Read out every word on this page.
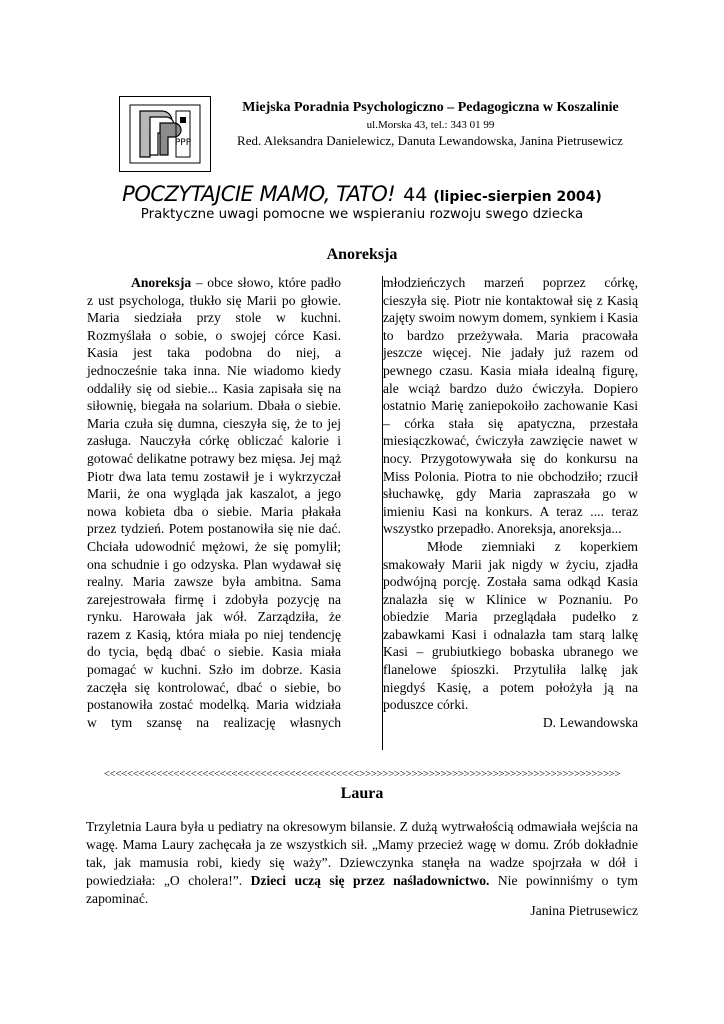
PPP
Miejska Poradnia Psychologiczno – Pedagogiczna w Koszalinie
ul.Morska 43, tel.: 343 01 99
Red. Aleksandra Danielewicz, Danuta Lewandowska, Janina Pietrusewicz
POCZYTAJCIE MAMO, TATO! 44 (lipiec-sierpien 2004)
Praktyczne uwagi pomocne we wspieraniu rozwoju swego dziecka
Anoreksja

Anoreksja – obce słowo, które padło z ust psychologa, tłukło się Marii po głowie. Maria siedziała przy stole w kuchni. Rozmyślała o sobie, o swojej córce Kasi. Kasia jest taka podobna do niej, a jednocześnie taka inna. Nie wiadomo kiedy oddaliły się od siebie... Kasia zapisała się na siłownię, biegała na solarium. Dbała o siebie. Maria czuła się dumna, cieszyła się, że to jej zasługa. Nauczyła córkę obliczać kalorie i gotować delikatne potrawy bez mięsa. Jej mąż Piotr dwa lata temu zostawił je i wykrzyczał Marii, że ona wygląda jak kaszalot, a jego nowa kobieta dba o siebie. Maria płakała przez tydzień. Potem postanowiła się nie dać. Chciała udowodnić mężowi, że się pomylił; ona schudnie i go odzyska. Plan wydawał się realny. Maria zawsze była ambitna. Sama zarejestrowała firmę i zdobyła pozycję na rynku. Harowała jak wół. Zarządziła, że razem z Kasią, która miała po niej tendencję do tycia, będą dbać o siebie. Kasia miała pomagać w kuchni. Szło im dobrze. Kasia zaczęła się kontrolować, dbać o siebie, bo postanowiła zostać modelką. Maria widziała w tym szansę na realizację własnych

młodzieńczych marzeń poprzez córkę, cieszyła się. Piotr nie kontaktował się z Kasią zajęty swoim nowym domem, synkiem i Kasia to bardzo przeżywała. Maria pracowała jeszcze więcej. Nie jadały już razem od pewnego czasu. Kasia miała idealną figurę, ale wciąż bardzo dużo ćwiczyła. Dopiero ostatnio Marię zaniepokoiło zachowanie Kasi – córka stała się apatyczna, przestała miesiączkować, ćwiczyła zawzięcie nawet w nocy. Przygotowywała się do konkursu na Miss Polonia. Piotra to nie obchodziło; rzucił słuchawkę, gdy Maria zapraszała go w imieniu Kasi na konkurs. A teraz .... teraz wszystko przepadło. Anoreksja, anoreksja...

Młode ziemniaki z koperkiem smakowały Marii jak nigdy w życiu, zjadła podwójną porcję. Została sama odkąd Kasia znalazła się w Klinice w Poznaniu. Po obiedzie Maria przeglądała pudełko z zabawkami Kasi i odnalazła tam starą lalkę Kasi – grubiutkiego bobaska ubranego we flanelowe śpioszki. Przytuliła lalkę jak niegdyś Kasię, a potem położyła ją na poduszce córki.

D. Lewandowska

<<<<<<<<<<<<<<<<<<<<<<<<<<<<<<<<<<<<<<<<<<<<>>>>>>>>>>>>>>>>>>>>>>>>>>>>>>>>>>>>>>>>>>>>>
Laura

Trzyletnia Laura była u pediatry na okresowym bilansie. Z dużą wytrwałością odmawiała wejścia na wagę. Mama Laury zachęcała ja ze wszystkich sił. „Mamy przecież wagę w domu. Zrób dokładnie tak, jak mamusia robi, kiedy się waży”. Dziewczynka stanęła na wadze spojrzała w dół i powiedziała: „O cholera!”. Dzieci uczą się przez naśladownictwo. Nie powinniśmy o tym zapominać.

Janina Pietrusewicz
